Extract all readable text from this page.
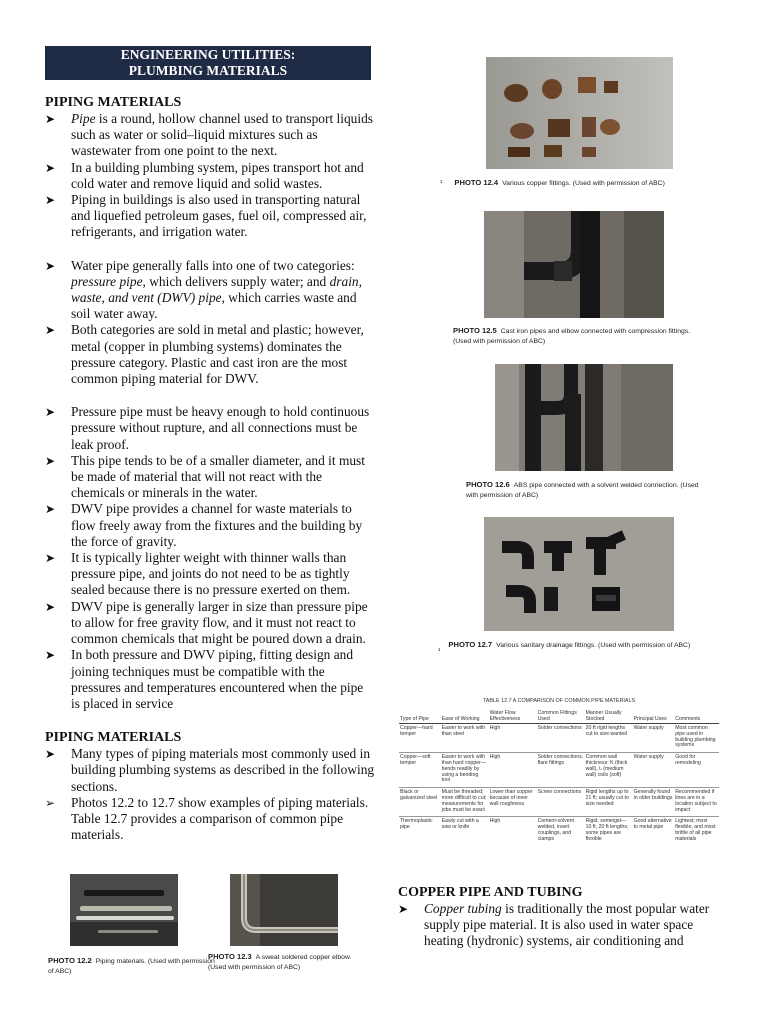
ENGINEERING UTILITIES:
PLUMBING MATERIALS
PIPING MATERIALS
➤ Pipe is a round, hollow channel used to transport liquids such as water or solid–liquid mixtures such as wastewater from one point to the next.
➤ In a building plumbing system, pipes transport hot and cold water and remove liquid and solid wastes.
➤ Piping in buildings is also used in transporting natural and liquefied petroleum gases, fuel oil, compressed air, refrigerants, and irrigation water.
➤ Water pipe generally falls into one of two categories: pressure pipe, which delivers supply water; and drain, waste, and vent (DWV) pipe, which carries waste and soil water away.
➤ Both categories are sold in metal and plastic; however, metal (copper in plumbing systems) dominates the pressure category. Plastic and cast iron are the most common piping material for DWV.
➤ Pressure pipe must be heavy enough to hold continuous pressure without rupture, and all connections must be leak proof.
➤ This pipe tends to be of a smaller diameter, and it must be made of material that will not react with the chemicals or minerals in the water.
➤ DWV pipe provides a channel for waste materials to flow freely away from the fixtures and the building by the force of gravity.
➤ It is typically lighter weight with thinner walls than pressure pipe, and joints do not need to be as tightly sealed because there is no pressure exerted on them.
➤ DWV pipe is generally larger in size than pressure pipe to allow for free gravity flow, and it must not react to common chemicals that might be poured down a drain.
➤ In both pressure and DWV piping, fitting design and joining techniques must be compatible with the pressures and temperatures encountered when the pipe is placed in service
PIPING MATERIALS
➤ Many types of piping materials most commonly used in building plumbing systems as described in the following sections.
➢ Photos 12.2 to 12.7 show examples of piping materials. Table 12.7 provides a comparison of common pipe materials.
PHOTO 12.2 Piping materials. (Used with permission of ABC)
PHOTO 12.3 A sweat soldered copper elbow. (Used with permission of ABC)
¹ PHOTO 12.4 Various copper fittings. (Used with permission of ABC)
PHOTO 12.5 Cast iron pipes and elbow connected with compression fittings. (Used with permission of ABC)
PHOTO 12.6 ABS pipe connected with a solvent welded connection. (Used with permission of ABC)
¹    PHOTO 12.7 Various sanitary drainage fittings. (Used with permission of ABC)
TABLE 12.7 A COMPARISON OF COMMON PIPE MATERIALS
Type of Pipe	Ease of Working	Water Flow Effectiveness	Common Fittings Used	Manner Usually Stocked	Principal Uses	Comments
Copper—hard temper	Easier to work with than steel	High	Solder connections	20 ft rigid lengths cut to size wanted	Water supply	Most common pipe used in building plumbing systems
Copper—soft temper	Easier to work with than hard copper—bends readily by using a bending tool	High	Solder connections, flare fittings	Common wall thickness: K (thick wall), L (medium wall) coils (soft)	Water supply	Good for remodeling
Black or galvanized steel	Must be threaded; more difficult to cut; measurements for jobs must be exact	Lower than copper because of inner wall roughness	Screw connections	Rigid lengths up to 21 ft; usually cut to size needed	Generally found in older buildings	Recommended if lines are in a location subject to impact
Thermoplastic pipe	Easily cut with a saw or knife	High	Cement-solvent welded, insert couplings, and clamps	Rigid, semirigid—10 ft, 20 ft lengths; some pipes are flexible	Good alternative to metal pipe	Lightest; most flexible, and most brittle of all pipe materials
COPPER PIPE AND TUBING
➤ Copper tubing is traditionally the most popular water supply pipe material. It is also used in water space heating (hydronic) systems, air conditioning and
